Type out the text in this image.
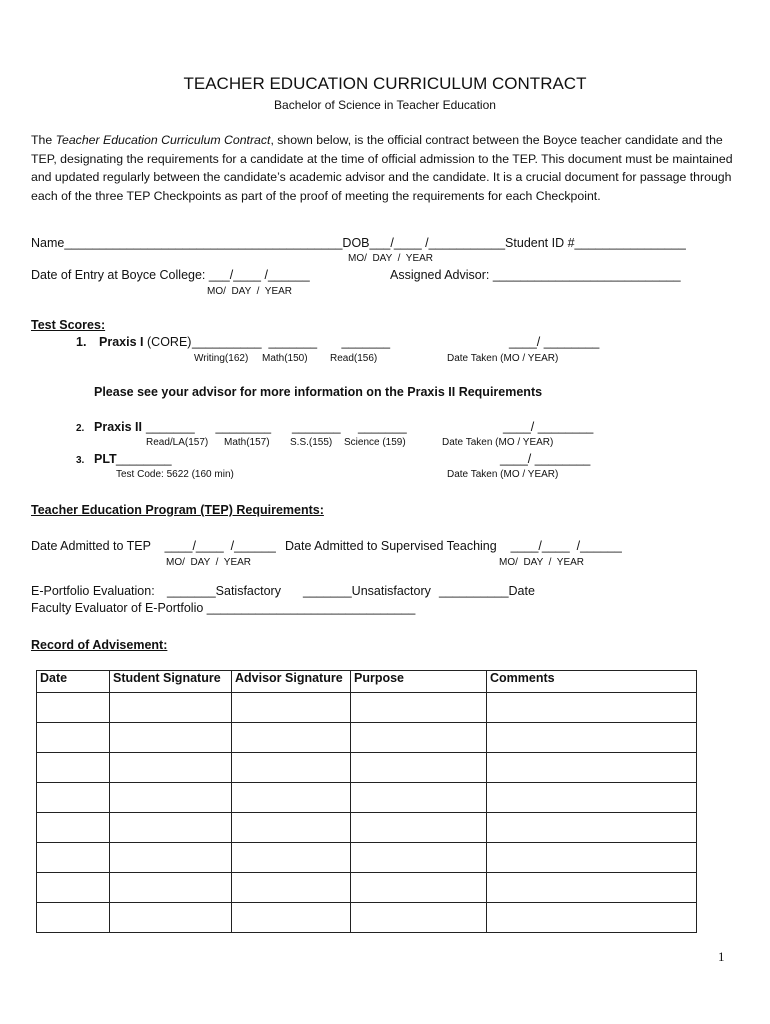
TEACHER EDUCATION CURRICULUM CONTRACT
Bachelor of Science in Teacher Education
The Teacher Education Curriculum Contract, shown below, is the official contract between the Boyce teacher candidate and the TEP, designating the requirements for a candidate at the time of official admission to the TEP. This document must be maintained and updated regularly between the candidate’s academic advisor and the candidate. It is a crucial document for passage through each of the three TEP Checkpoints as part of the proof of meeting the requirements for each Checkpoint.
Name________________________________________DOB___/____ /___________Student ID #________________
MO/  DAY  /  YEAR
Date of Entry at Boyce College: ___/____ /______	Assigned Advisor: ___________________________
MO/  DAY  /  YEAR
Test Scores:
1. Praxis I (CORE) __________  _______       _______	____/ ________
Writing(162) Math(150) Read(156)	Date Taken (MO / YEAR)
Please see your advisor for more information on the Praxis II Requirements
2. Praxis II _______      ________      _______     _______	____/ ________
Read/LA(157) Math(157) S.S.(155) Science (159)	Date Taken (MO / YEAR)
3. PLT ________	____/ ________
Test Code: 5622 (160 min)	Date Taken (MO / YEAR)
Teacher Education Program (TEP) Requirements:
Date Admitted to TEP    ____/____  /______ Date Admitted to Supervised Teaching    ____/____  /______
MO/  DAY  /  YEAR	MO/  DAY  /  YEAR
E-Portfolio Evaluation: _______Satisfactory _______Unsatisfactory __________Date
Faculty Evaluator of E-Portfolio ______________________________
Record of Advisement:
Date	Student Signature	Advisor Signature	Purpose	Comments

1
